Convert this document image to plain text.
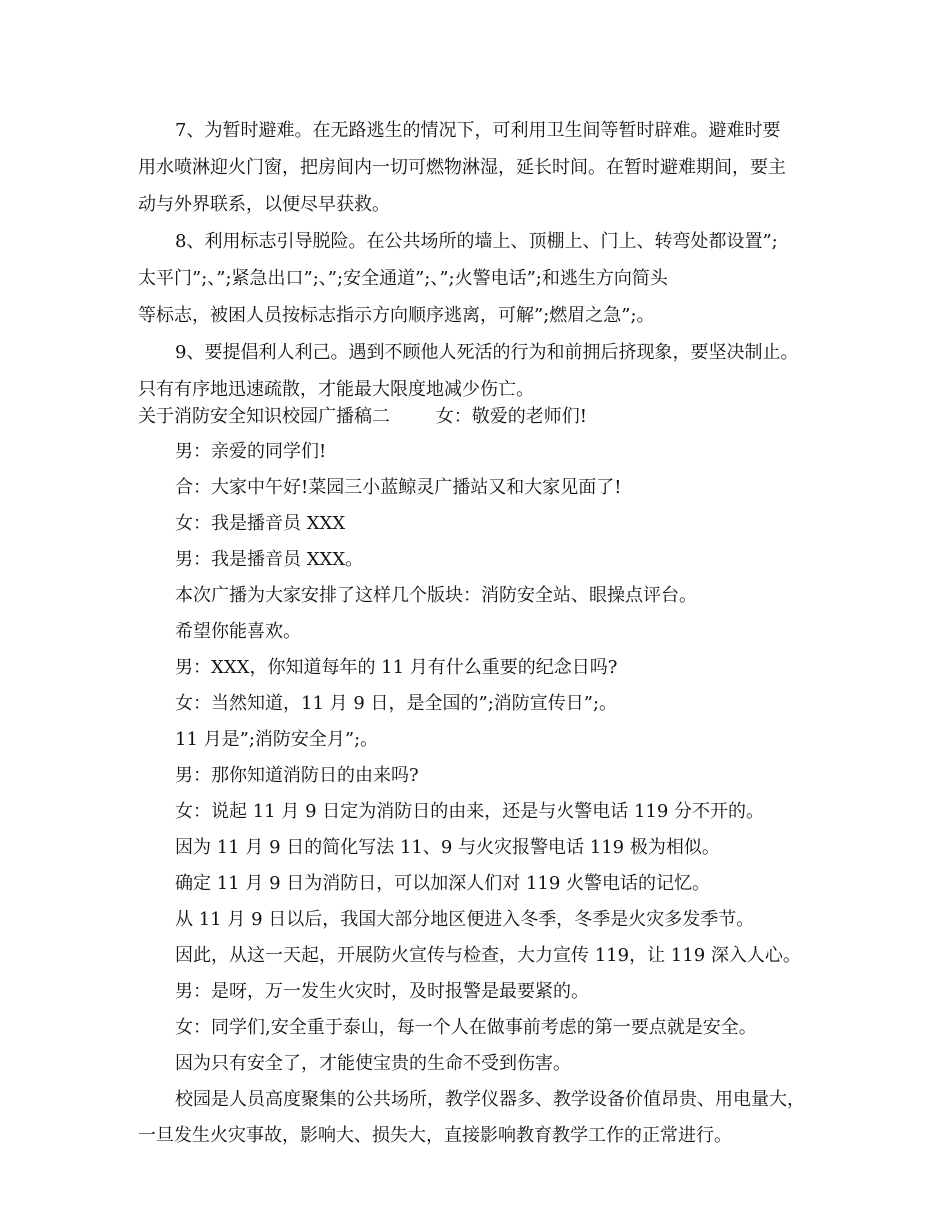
7、为暂时避难。在无路逃生的情况下，可利用卫生间等暂时辟难。避难时要
用水喷淋迎火门窗，把房间内一切可燃物淋湿，延长时间。在暂时避难期间，要主
动与外界联系，以便尽早获救。
8、利用标志引导脱险。在公共场所的墙上、顶棚上、门上、转弯处都设置”;
太平门”;、”;紧急出口”;、”;安全通道”;、”;火警电话”;和逃生方向简头
等标志，被困人员按标志指示方向顺序逃离，可解”;燃眉之急”;。
9、要提倡利人利己。遇到不顾他人死活的行为和前拥后挤现象，要坚决制止。
只有有序地迅速疏散，才能最大限度地减少伤亡。
关于消防安全知识校园广播稿二        女：敬爱的老师们!
男：亲爱的同学们!
合：大家中午好!菜园三小蓝鲸灵广播站又和大家见面了!
女：我是播音员 XXX
男：我是播音员 XXX。
本次广播为大家安排了这样几个版块：消防安全站、眼操点评台。
希望你能喜欢。
男：XXX，你知道每年的 11 月有什么重要的纪念日吗?
女：当然知道，11 月 9 日，是全国的”;消防宣传日”;。
11 月是”;消防安全月”;。
男：那你知道消防日的由来吗?
女：说起 11 月 9 日定为消防日的由来，还是与火警电话 119 分不开的。
因为 11 月 9 日的简化写法 11、9 与火灾报警电话 119 极为相似。
确定 11 月 9 日为消防日，可以加深人们对 119 火警电话的记忆。
从 11 月 9 日以后，我国大部分地区便进入冬季，冬季是火灾多发季节。
因此，从这一天起，开展防火宣传与检查，大力宣传 119，让 119 深入人心。
男：是呀，万一发生火灾时，及时报警是最要紧的。
女：同学们,安全重于泰山，每一个人在做事前考虑的第一要点就是安全。
因为只有安全了，才能使宝贵的生命不受到伤害。
校园是人员高度聚集的公共场所，教学仪器多、教学设备价值昂贵、用电量大，
一旦发生火灾事故，影响大、损失大，直接影响教育教学工作的正常进行。
